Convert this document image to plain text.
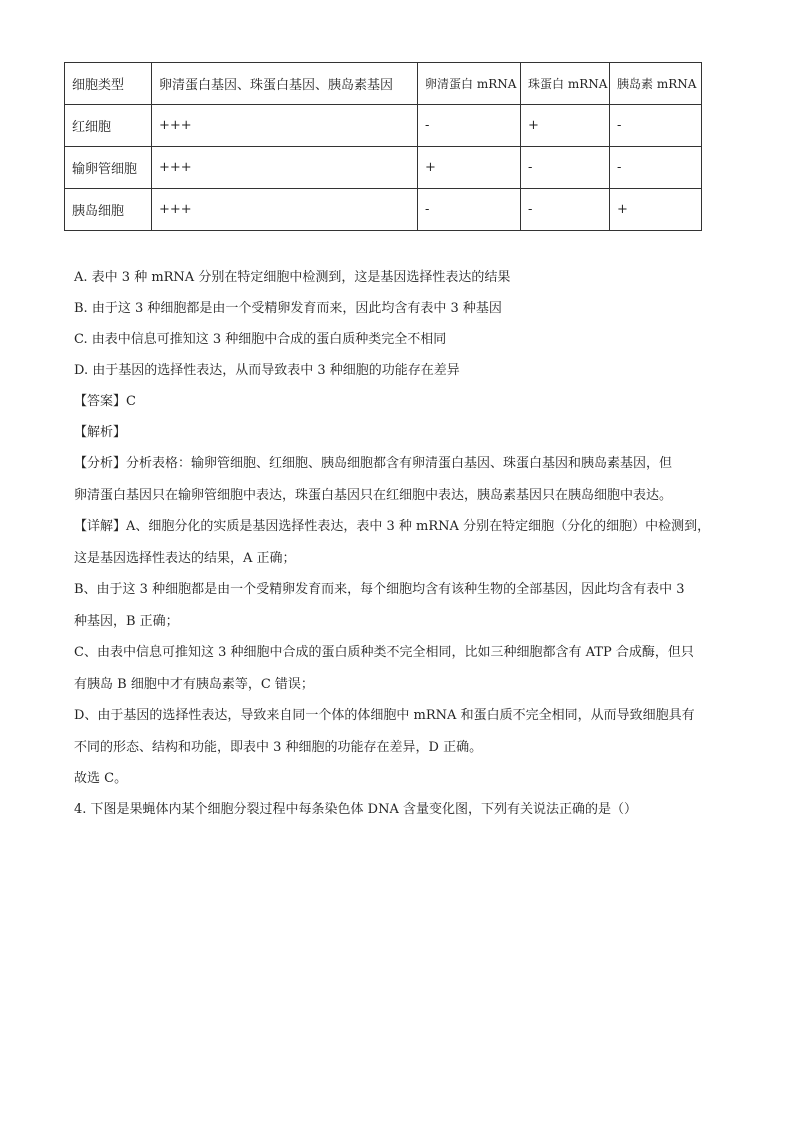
细胞类型	卵清蛋白基因、珠蛋白基因、胰岛素基因	卵清蛋白 mRNA	珠蛋白 mRNA	胰岛素 mRNA
红细胞	+++	-	+	-
输卵管细胞	+++	+	-	-
胰岛细胞	+++	-	-	+
A. 表中 3 种 mRNA 分别在特定细胞中检测到，这是基因选择性表达的结果
B. 由于这 3 种细胞都是由一个受精卵发育而来，因此均含有表中 3 种基因
C. 由表中信息可推知这 3 种细胞中合成的蛋白质种类完全不相同
D. 由于基因的选择性表达，从而导致表中 3 种细胞的功能存在差异
【答案】C
【解析】
【分析】分析表格：输卵管细胞、红细胞、胰岛细胞都含有卵清蛋白基因、珠蛋白基因和胰岛素基因，但
卵清蛋白基因只在输卵管细胞中表达，珠蛋白基因只在红细胞中表达，胰岛素基因只在胰岛细胞中表达。
【详解】A、细胞分化的实质是基因选择性表达，表中 3 种 mRNA 分别在特定细胞（分化的细胞）中检测到，
这是基因选择性表达的结果，A 正确；
B、由于这 3 种细胞都是由一个受精卵发育而来，每个细胞均含有该种生物的全部基因，因此均含有表中 3
种基因，B 正确；
C、由表中信息可推知这 3 种细胞中合成的蛋白质种类不完全相同，比如三种细胞都含有 ATP 合成酶，但只
有胰岛 B 细胞中才有胰岛素等，C 错误；
D、由于基因的选择性表达，导致来自同一个体的体细胞中 mRNA 和蛋白质不完全相同，从而导致细胞具有
不同的形态、结构和功能，即表中 3 种细胞的功能存在差异，D 正确。
故选 C。
4. 下图是果蝇体内某个细胞分裂过程中每条染色体 DNA 含量变化图，下列有关说法正确的是（）
